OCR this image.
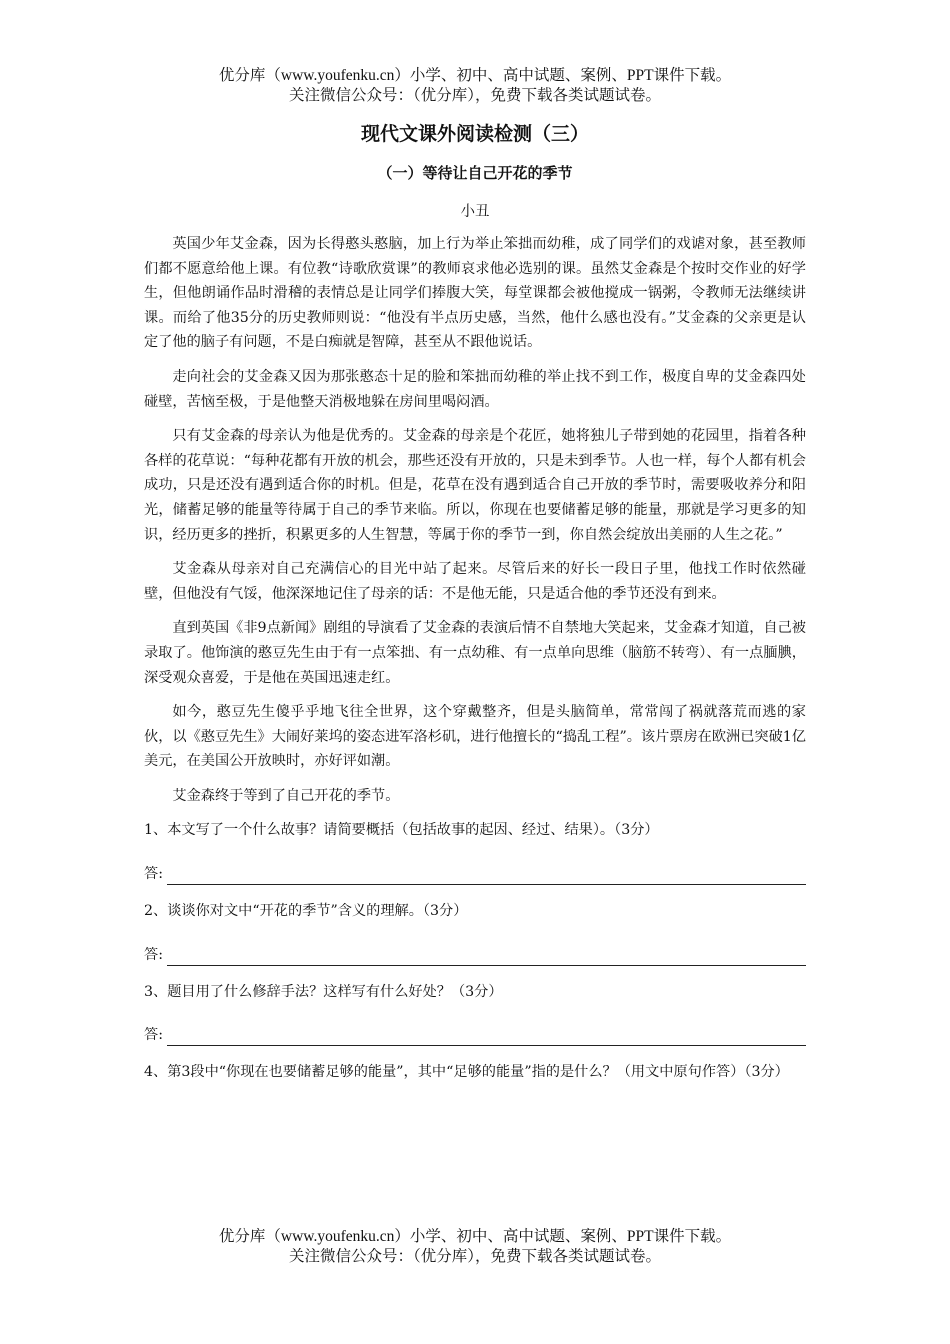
优分库（www.youfenku.cn）小学、初中、高中试题、案例、PPT课件下载。
关注微信公众号：（优分库），免费下载各类试题试卷。
现代文课外阅读检测（三）
（一）等待让自己开花的季节
小丑

英国少年艾金森，因为长得憨头憨脑，加上行为举止笨拙而幼稚，成了同学们的戏谑对象，甚至教师们都不愿意给他上课。有位教“诗歌欣赏课”的教师哀求他必选别的课。虽然艾金森是个按时交作业的好学生，但他朗诵作品时滑稽的表情总是让同学们捧腹大笑，每堂课都会被他搅成一锅粥，令教师无法继续讲课。而给了他35分的历史教师则说：“他没有半点历史感，当然，他什么感也没有。”艾金森的父亲更是认定了他的脑子有问题，不是白痴就是智障，甚至从不跟他说话。

走向社会的艾金森又因为那张憨态十足的脸和笨拙而幼稚的举止找不到工作，极度自卑的艾金森四处碰壁，苦恼至极，于是他整天消极地躲在房间里喝闷酒。

只有艾金森的母亲认为他是优秀的。艾金森的母亲是个花匠，她将独儿子带到她的花园里，指着各种各样的花草说：“每种花都有开放的机会，那些还没有开放的，只是未到季节。人也一样，每个人都有机会成功，只是还没有遇到适合你的时机。但是，花草在没有遇到适合自己开放的季节时，需要吸收养分和阳光，储蓄足够的能量等待属于自己的季节来临。所以，你现在也要储蓄足够的能量，那就是学习更多的知识，经历更多的挫折，积累更多的人生智慧，等属于你的季节一到，你自然会绽放出美丽的人生之花。”

艾金森从母亲对自己充满信心的目光中站了起来。尽管后来的好长一段日子里，他找工作时依然碰壁，但他没有气馁，他深深地记住了母亲的话：不是他无能，只是适合他的季节还没有到来。

直到英国《非9点新闻》剧组的导演看了艾金森的表演后情不自禁地大笑起来，艾金森才知道，自己被录取了。他饰演的憨豆先生由于有一点笨拙、有一点幼稚、有一点单向思维（脑筋不转弯）、有一点腼腆，深受观众喜爱，于是他在英国迅速走红。

如今，憨豆先生傻乎乎地飞往全世界，这个穿戴整齐，但是头脑简单，常常闯了祸就落荒而逃的家伙，以《憨豆先生》大闹好莱坞的姿态进军洛杉矶，进行他擅长的“捣乱工程”。该片票房在欧洲已突破1亿美元，在美国公开放映时，亦好评如潮。

艾金森终于等到了自己开花的季节。

1、本文写了一个什么故事？请简要概括（包括故事的起因、经过、结果）。（3分）

答:

2、谈谈你对文中“开花的季节”含义的理解。（3分）

答:

3、题目用了什么修辞手法？这样写有什么好处？（3分）

答:

4、第3段中“你现在也要储蓄足够的能量”，其中“足够的能量”指的是什么？（用文中原句作答）（3分）

优分库（www.youfenku.cn）小学、初中、高中试题、案例、PPT课件下载。
关注微信公众号：（优分库），免费下载各类试题试卷。
